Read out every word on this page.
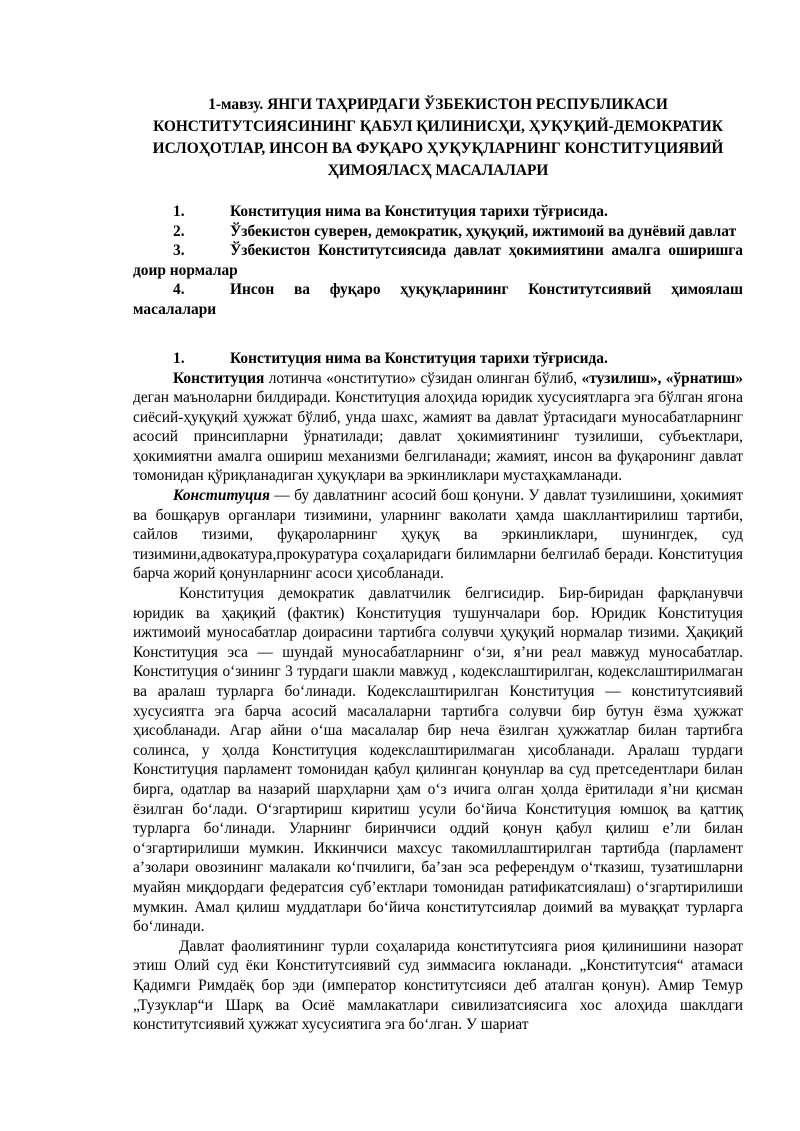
1-мавзу. ЯНГИ ТАҲРИРДАГИ ЎЗБЕКИСТОН РЕСПУБЛИКАСИ КОНСТИТУТСИЯСИНИНГ ҚАБУЛ ҚИЛИНИСҲИ, ҲУҚУҚИЙ-ДЕМОКРАТИК ИСЛОҲОТЛАР, ИНСОН ВА ФУҚАРО ҲУҚУҚЛАРНИНГ КОНСТИТУЦИЯВИЙ ҲИМОЯЛАСҲ МАСАЛАЛАРИ
1.	Конституция нима ва Конституция тарихи тўғрисида.
2.	Ўзбекистон суверен, демократик, ҳуқуқий, ижтимоий ва дунёвий давлат
3.	Ўзбекистон Конститутсиясида давлат ҳокимиятини амалга оширишга доир нормалар
4.	Инсон ва фуқаро ҳуқуқларининг Конститутсиявий ҳимоялаш масалалари
1.	Конституция нима ва Конституция тарихи тўғрисида.

Конституция лотинча «онститутио» сўзидан олинган бўлиб, «тузилиш», «ўрнатиш» деган маъноларни билдиради. Конституция алоҳида юридик хусусиятларга эга бўлган ягона сиёсий-ҳуқуқий ҳужжат бўлиб, унда шахс, жамият ва давлат ўртасидаги муносабатларнинг асосий принсипларни ўрнатилади; давлат ҳокимиятининг тузилиши, субъектлари, ҳокимиятни амалга ошириш механизми белгиланади; жамият, инсон ва фуқаронинг давлат томонидан қўриқланадиган ҳуқуқлари ва эркинликлари мустаҳкамланади.

Конституция — бу давлатнинг асосий бош қонуни. У давлат тузилишини, ҳокимият ва бошқарув органлари тизимини, уларнинг ваколати ҳамда шакллантирилиш тартиби, сайлов тизими, фуқароларнинг ҳуқуқ ва эркинликлари, шунингдек, суд тизимини,адвокатура,прокуратура соҳаларидаги билимларни белгилаб беради. Конституция барча жорий қонунларнинг асоси ҳисобланади.

Конституция демократик давлатчилик белгисидир. Бир-биридан фарқланувчи юридик ва ҳақиқий (фактик) Конституция тушунчалари бор. Юридик Конституция ижтимоий муносабатлар доирасини тартибга солувчи ҳуқуқий нормалар тизими. Ҳақиқий Конституция эса — шундай муносабатларнинг о‘зи, я’ни реал мавжуд муносабатлар. Конституция о‘зининг 3 турдаги шакли мавжуд , кодекслаштирилган, кодекслаштирилмаган ва аралаш турларга бо‘линади. Кодекслаштирилган Конституция — конститутсиявий хусусиятга эга барча асосий масалаларни тартибга солувчи бир бутун ёзма ҳужжат ҳисобланади. Агар айни о‘ша масалалар бир неча ёзилган ҳужжатлар билан тартибга солинса, у ҳолда Конституция кодекслаштирилмаган ҳисобланади. Аралаш турдаги Конституция парламент томонидан қабул қилинган қонунлар ва суд претседентлари билан бирга, одатлар ва назарий шарҳларни ҳам о‘з ичига олган ҳолда ёритилади я’ни қисман ёзилган бо‘лади. О‘згартириш киритиш усули бо‘йича Конституция юмшоқ ва қаттиқ турларга бо‘линади. Уларнинг биринчиси оддий қонун қабул қилиш е’ли билан о‘згартирилиши мумкин. Иккинчиси махсус такомиллаштирилган тартибда (парламент а’золари овозининг малакали ко‘пчилиги, ба’зан эса референдум о‘тказиш, тузатишларни муайян миқдордаги федератсия суб’ектлари томонидан ратификатсиялаш) о‘згартирилиши мумкин. Амал қилиш муддатлари бо‘йича конститутсиялар доимий ва муваққат турларга бо‘линади.

Давлат фаолиятининг турли соҳаларида конститутсияга риоя қилинишини назорат этиш Олий суд ёки Конститутсиявий суд зиммасига юкланади. „Конститутсия“ атамаси Қадимги Римдаёқ бор эди (император конститутсияси деб аталган қонун). Амир Темур „Тузуклар“и Шарқ ва Осиё мамлакатлари сивилизатсиясига хос алоҳида шаклдаги конститутсиявий ҳужжат хусусиятига эга бо‘лган. У шариат
